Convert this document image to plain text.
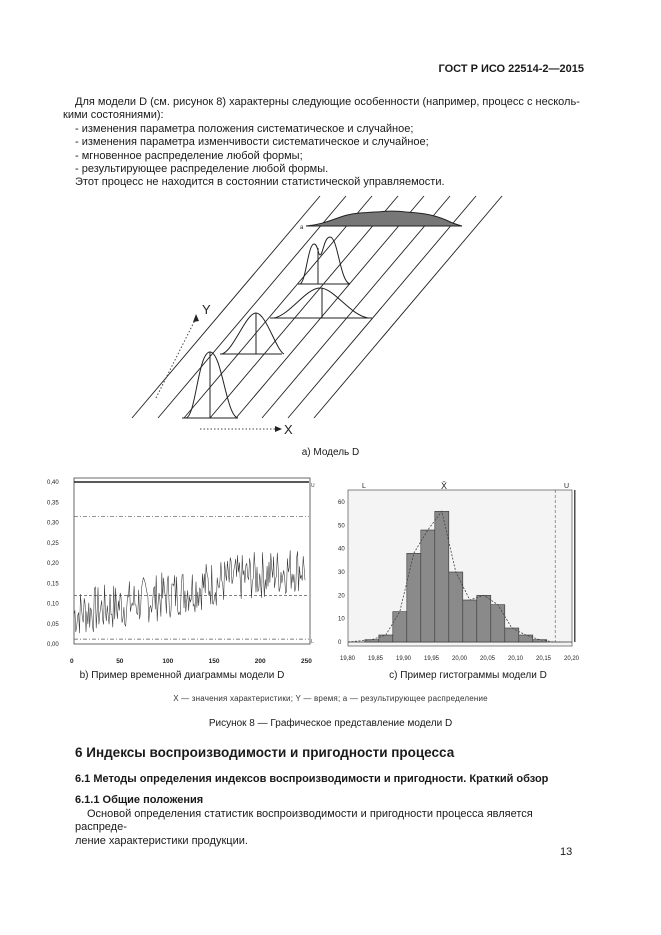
ГОСТ Р ИСО 22514-2—2015
Для модели D (см. рисунок 8) характерны следующие особенности (например, процесс с несколь-
кими состояниями):
- изменения параметра положения систематическое и случайное;
- изменения параметра изменчивости систематическое и случайное;
- мгновенное распределение любой формы;
- результирующее распределение любой формы.
Этот процесс не находится в состоянии статистической управляемости.
a
Y
X
а) Модель D
0,40
0,35
0,30
0,25
0,20
0,15
0,10
0,05
0,00
0	50	100	150	200	250
U
L
b) Пример временной диаграммы модели D
60
50
40
30
20
10
0
19,80 19,85 19,90 19,95 20,00 20,05 20,10 20,15 20,20
L	X̄	U
c) Пример гистограммы модели D
X — значения характеристики; Y — время; a — результирующее распределение
Рисунок 8 — Графическое представление модели D
6 Индексы воспроизводимости и пригодности процесса
6.1 Методы определения индексов воспроизводимости и пригодности. Краткий обзор
6.1.1 Общие положения
Основой определения статистик воспроизводимости и пригодности процесса является распреде-
ление характеристики продукции.
13
